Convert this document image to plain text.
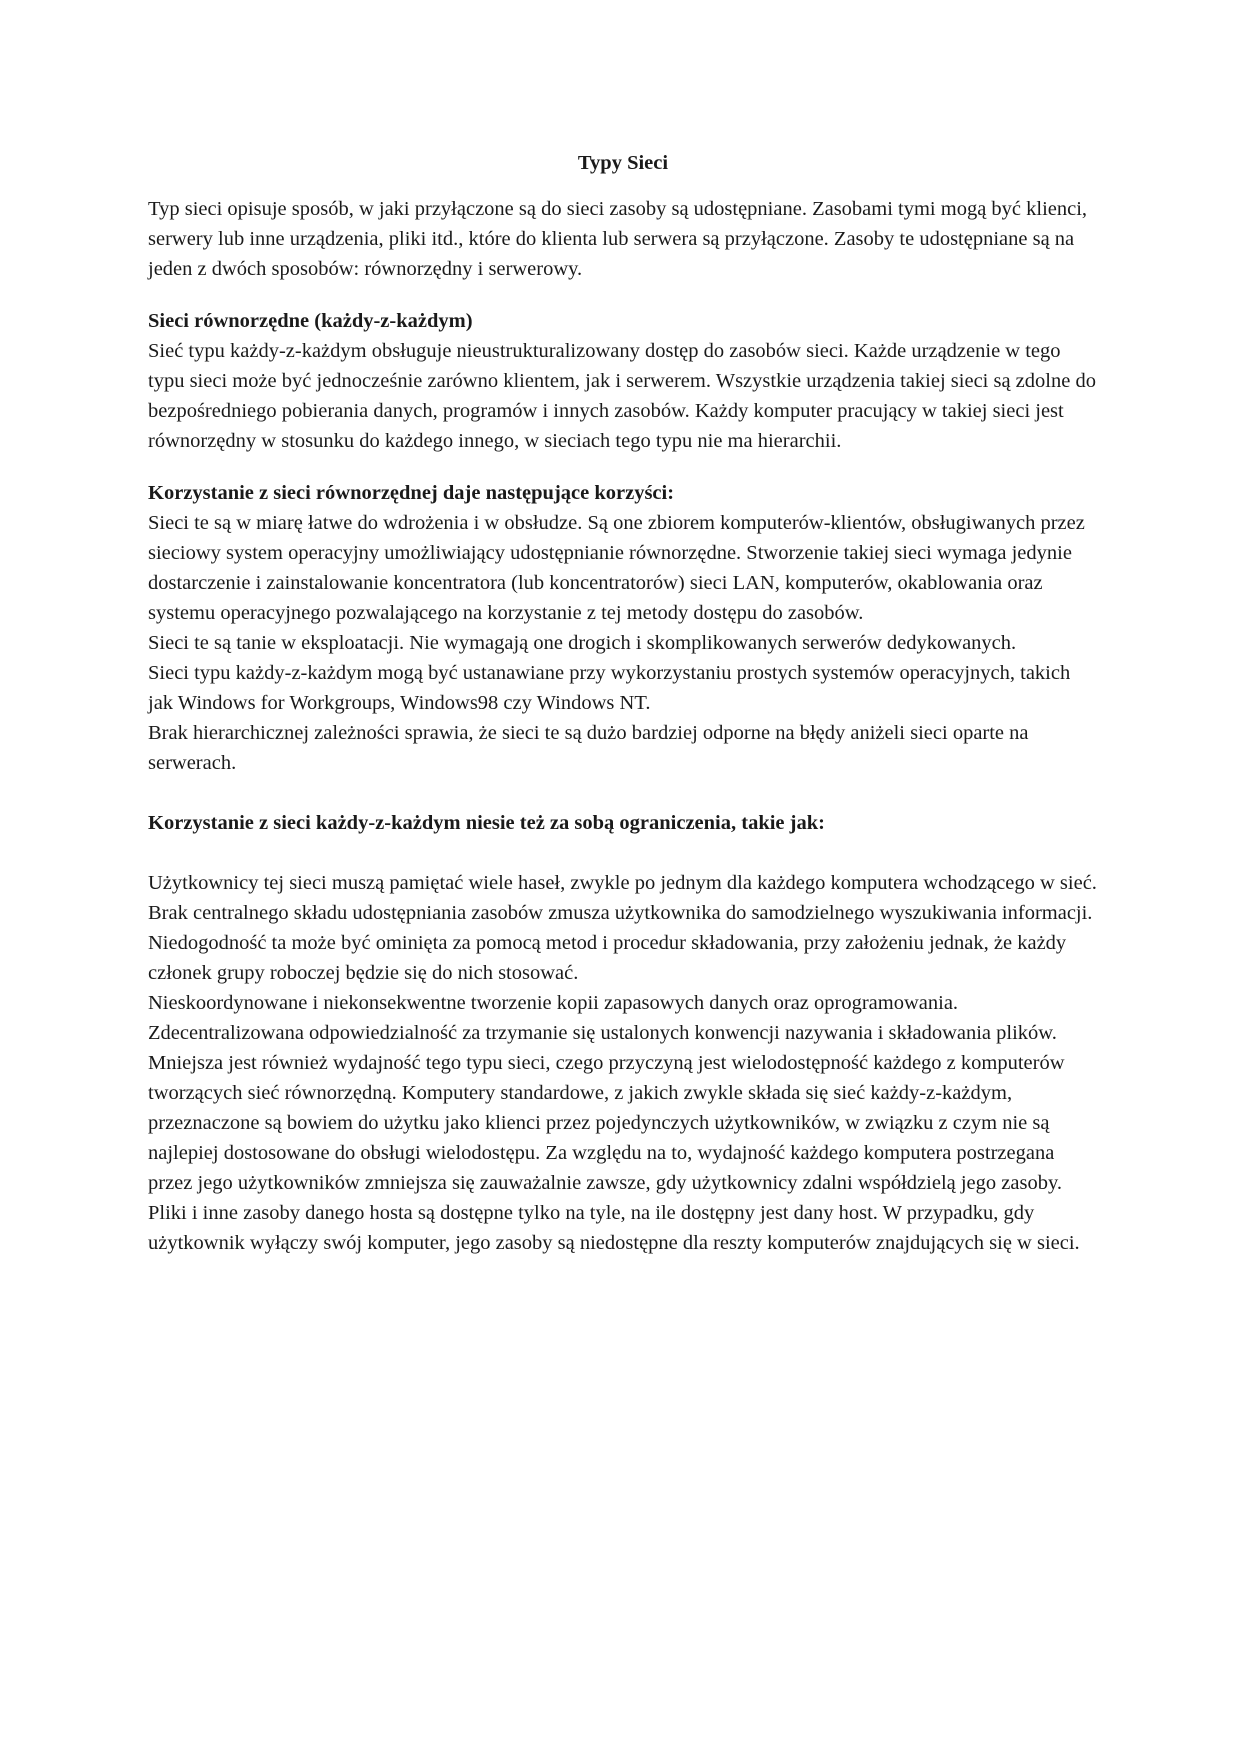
Typy Sieci

Typ sieci opisuje sposób, w jaki przyłączone są do sieci zasoby są udostępniane. Zasobami tymi mogą być klienci, serwery lub inne urządzenia, pliki itd., które do klienta lub serwera są przyłączone. Zasoby te udostępniane są na jeden z dwóch sposobów: równorzędny i serwerowy.

Sieci równorzędne (każdy-z-każdym)

Sieć typu każdy-z-każdym obsługuje nieustrukturalizowany dostęp do zasobów sieci. Każde urządzenie w tego typu sieci może być jednocześnie zarówno klientem, jak i serwerem. Wszystkie urządzenia takiej sieci są zdolne do bezpośredniego pobierania danych, programów i innych zasobów. Każdy komputer pracujący w takiej sieci jest równorzędny w stosunku do każdego innego, w sieciach tego typu nie ma hierarchii.

Korzystanie z sieci równorzędnej daje następujące korzyści:

Sieci te są w miarę łatwe do wdrożenia i w obsłudze. Są one zbiorem komputerów-klientów, obsługiwanych przez sieciowy system operacyjny umożliwiający udostępnianie równorzędne. Stworzenie takiej sieci wymaga jedynie dostarczenie i zainstalowanie koncentratora (lub koncentratorów) sieci LAN, komputerów, okablowania oraz systemu operacyjnego pozwalającego na korzystanie z tej metody dostępu do zasobów.

Sieci te są tanie w eksploatacji. Nie wymagają one drogich i skomplikowanych serwerów dedykowanych.

Sieci typu każdy-z-każdym mogą być ustanawiane przy wykorzystaniu prostych systemów operacyjnych, takich jak Windows for Workgroups, Windows98 czy Windows NT.

Brak hierarchicznej zależności sprawia, że sieci te są dużo bardziej odporne na błędy aniżeli sieci oparte na serwerach.

Korzystanie z sieci każdy-z-każdym niesie też za sobą ograniczenia, takie jak:

Użytkownicy tej sieci muszą pamiętać wiele haseł, zwykle po jednym dla każdego komputera wchodzącego w sieć.

Brak centralnego składu udostępniania zasobów zmusza użytkownika do samodzielnego wyszukiwania informacji. Niedogodność ta może być ominięta za pomocą metod i procedur składowania, przy założeniu jednak, że każdy członek grupy roboczej będzie się do nich stosować.

Nieskoordynowane i niekonsekwentne tworzenie kopii zapasowych danych oraz oprogramowania.

Zdecentralizowana odpowiedzialność za trzymanie się ustalonych konwencji nazywania i składowania plików.

Mniejsza jest również wydajność tego typu sieci, czego przyczyną jest wielodostępność każdego z komputerów tworzących sieć równorzędną. Komputery standardowe, z jakich zwykle składa się sieć każdy-z-każdym, przeznaczone są bowiem do użytku jako klienci przez pojedynczych użytkowników, w związku z czym nie są najlepiej dostosowane do obsługi wielodostępu. Za względu na to, wydajność każdego komputera postrzegana przez jego użytkowników zmniejsza się zauważalnie zawsze, gdy użytkownicy zdalni współdzielą jego zasoby. Pliki i inne zasoby danego hosta są dostępne tylko na tyle, na ile dostępny jest dany host. W przypadku, gdy użytkownik wyłączy swój komputer, jego zasoby są niedostępne dla reszty komputerów znajdujących się w sieci.
